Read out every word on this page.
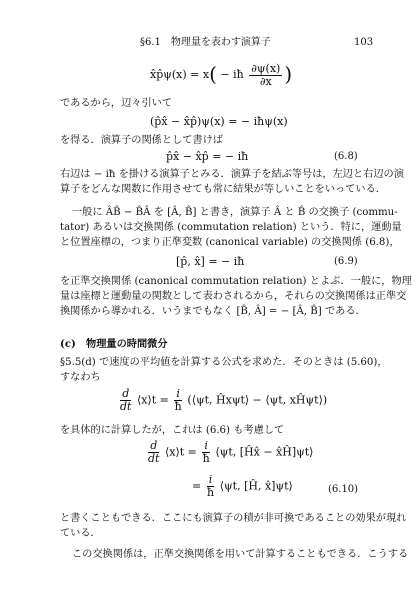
§6.1　物理量を表わす演算子	103
x̂p̂ψ(x) = x( − iħ $\frac{\partial\psi(x)}{\partial x}$ )
であるから，辺々引いて
(p̂x̂ − x̂p̂)ψ(x) = − iħψ(x)
を得る．演算子の関係として書けば
p̂x̂ − x̂p̂ = − iħ	(6.8)
右辺は − iħ を掛ける演算子とみる．演算子を結ぶ等号は，左辺と右辺の演
算子をどんな関数に作用させても常に結果が等しいことをいっている．
一般に ÂB̂ − B̂Â を [Â, B̂] と書き，演算子 Â と B̂ の交換子 (commu-
tator) あるいは交換関係 (commutation relation) という．特に，運動量
と位置座標の，つまり正準変数 (canonical variable) の交換関係 (6.8)，
[p̂, x̂] = − iħ	(6.9)
を正準交換関係 (canonical commutation relation) とよぶ．一般に，物理
量は座標と運動量の関数として表わされるから，それらの交換関係は正準交
換関係から導かれる．いうまでもなく [B̂, Â] = − [Â, B̂] である．
(c)　物理量の時間微分
§5.5(d) で速度の平均値を計算する公式を求めた．そのときは (5.60)，
すなわち
$\frac{d}{dt}$ ⟨x⟩t = $\frac{i}{ħ}$ (⟨ψt, Ĥxψt⟩ − ⟨ψt, xĤψt⟩)
を具体的に計算したが，これは (6.6) も考慮して
$\frac{d}{dt}$ ⟨x⟩t = $\frac{i}{ħ}$ ⟨ψt, [Ĥx̂ − x̂Ĥ]ψt⟩
= $\frac{i}{ħ}$ ⟨ψt, [Ĥ, x̂]ψt⟩	(6.10)
と書くこともできる．ここにも演算子の積が非可換であることの効果が現れ
ている．
この交換関係は，正準交換関係を用いて計算することもできる．こうする
